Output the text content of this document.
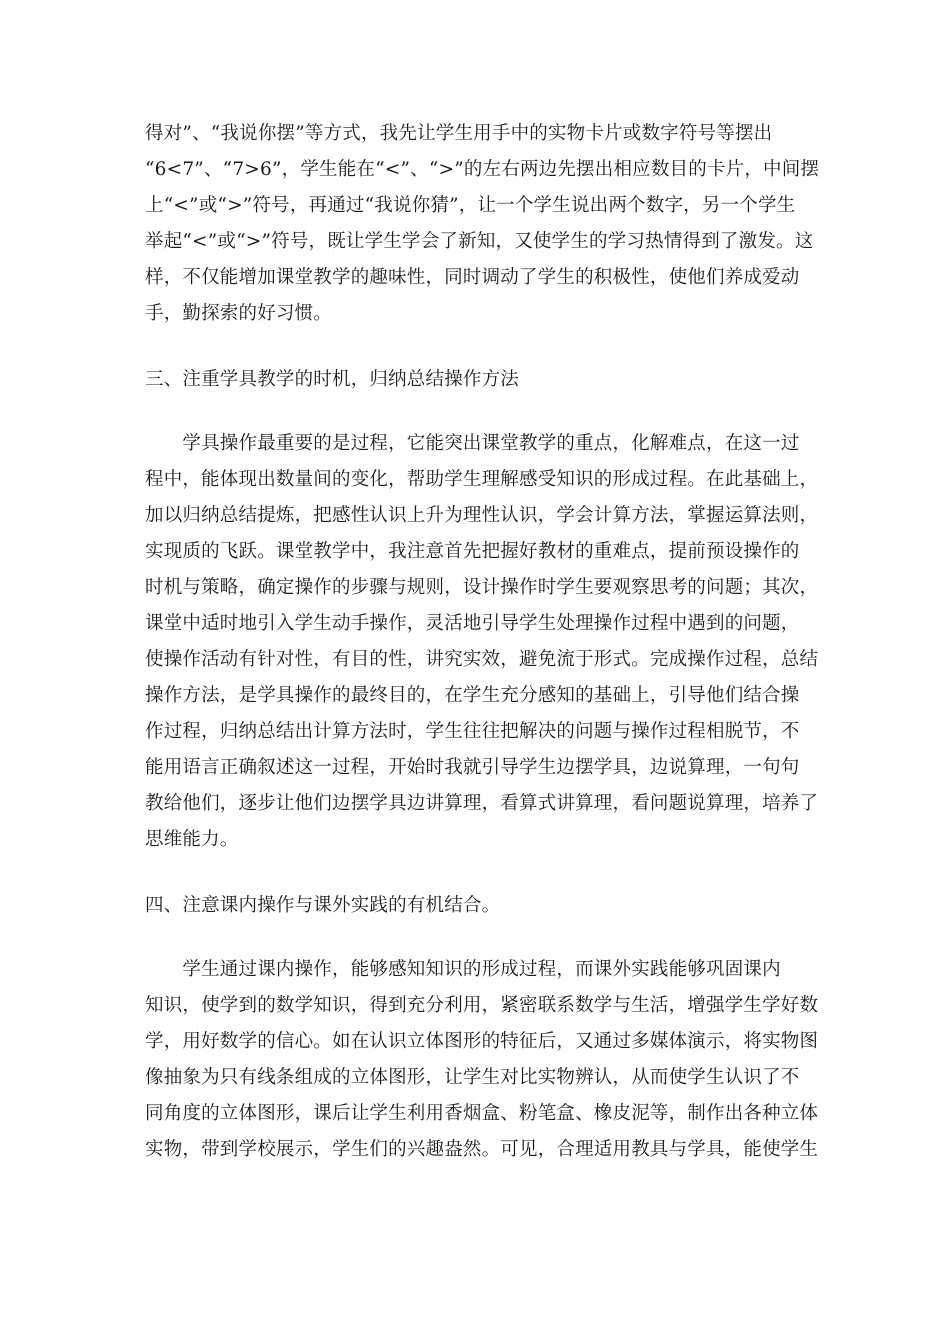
得对”、“我说你摆”等方式，我先让学生用手中的实物卡片或数字符号等摆出
“6<7”、“7>6”，学生能在“<”、“>”的左右两边先摆出相应数目的卡片，中间摆
上“<”或“>”符号，再通过“我说你猜”，让一个学生说出两个数字，另一个学生
举起“<”或“>”符号，既让学生学会了新知，又使学生的学习热情得到了激发。这
样，不仅能增加课堂教学的趣味性，同时调动了学生的积极性，使他们养成爱动
手，勤探索的好习惯。
三、注重学具教学的时机，归纳总结操作方法
　　学具操作最重要的是过程，它能突出课堂教学的重点，化解难点，在这一过
程中，能体现出数量间的变化，帮助学生理解感受知识的形成过程。在此基础上，
加以归纳总结提炼，把感性认识上升为理性认识，学会计算方法，掌握运算法则，
实现质的飞跃。课堂教学中，我注意首先把握好教材的重难点，提前预设操作的
时机与策略，确定操作的步骤与规则，设计操作时学生要观察思考的问题；其次，
课堂中适时地引入学生动手操作，灵活地引导学生处理操作过程中遇到的问题，
使操作活动有针对性，有目的性，讲究实效，避免流于形式。完成操作过程，总结
操作方法，是学具操作的最终目的，在学生充分感知的基础上，引导他们结合操
作过程，归纳总结出计算方法时，学生往往把解决的问题与操作过程相脱节，不
能用语言正确叙述这一过程，开始时我就引导学生边摆学具，边说算理，一句句
教给他们，逐步让他们边摆学具边讲算理，看算式讲算理，看问题说算理，培养了
思维能力。
四、注意课内操作与课外实践的有机结合。
　　学生通过课内操作，能够感知知识的形成过程，而课外实践能够巩固课内
知识，使学到的数学知识，得到充分利用，紧密联系数学与生活，增强学生学好数
学，用好数学的信心。如在认识立体图形的特征后，又通过多媒体演示，将实物图
像抽象为只有线条组成的立体图形，让学生对比实物辨认，从而使学生认识了不
同角度的立体图形，课后让学生利用香烟盒、粉笔盒、橡皮泥等，制作出各种立体
实物，带到学校展示，学生们的兴趣盎然。可见，合理适用教具与学具，能使学生
